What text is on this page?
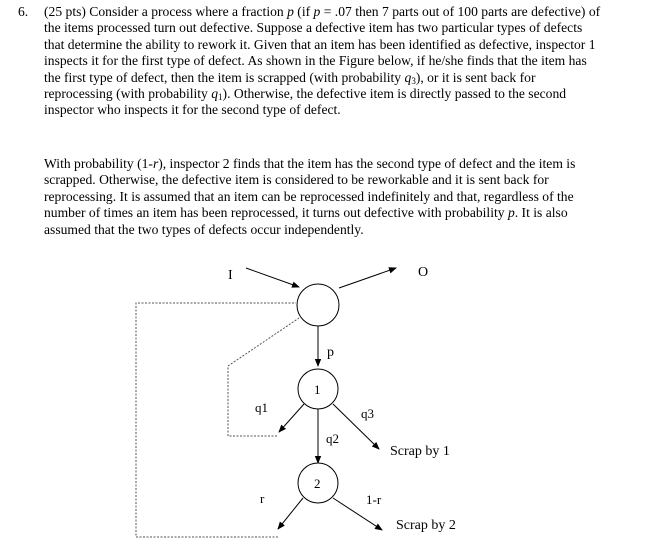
6. (25 pts) Consider a process where a fraction p (if p = .07 then 7 parts out of 100 parts are defective) of the items processed turn out defective. Suppose a defective item has two particular types of defects that determine the ability to rework it. Given that an item has been identified as defective, inspector 1 inspects it for the first type of defect. As shown in the Figure below, if he/she finds that the item has the first type of defect, then the item is scrapped (with probability $q_3$), or it is sent back for reprocessing (with probability $q_1$). Otherwise, the defective item is directly passed to the second inspector who inspects it for the second type of defect.

With probability (1-r), inspector 2 finds that the item has the second type of defect and the item is scrapped. Otherwise, the defective item is considered to be reworkable and it is sent back for reprocessing. It is assumed that an item can be reprocessed indefinitely and that, regardless of the number of times an item has been reprocessed, it turns out defective with probability p. It is also assumed that the two types of defects occur independently.

I	O
p
1
q1	q3
Scrap by 1
q2
2
r	1-r
Scrap by 2
